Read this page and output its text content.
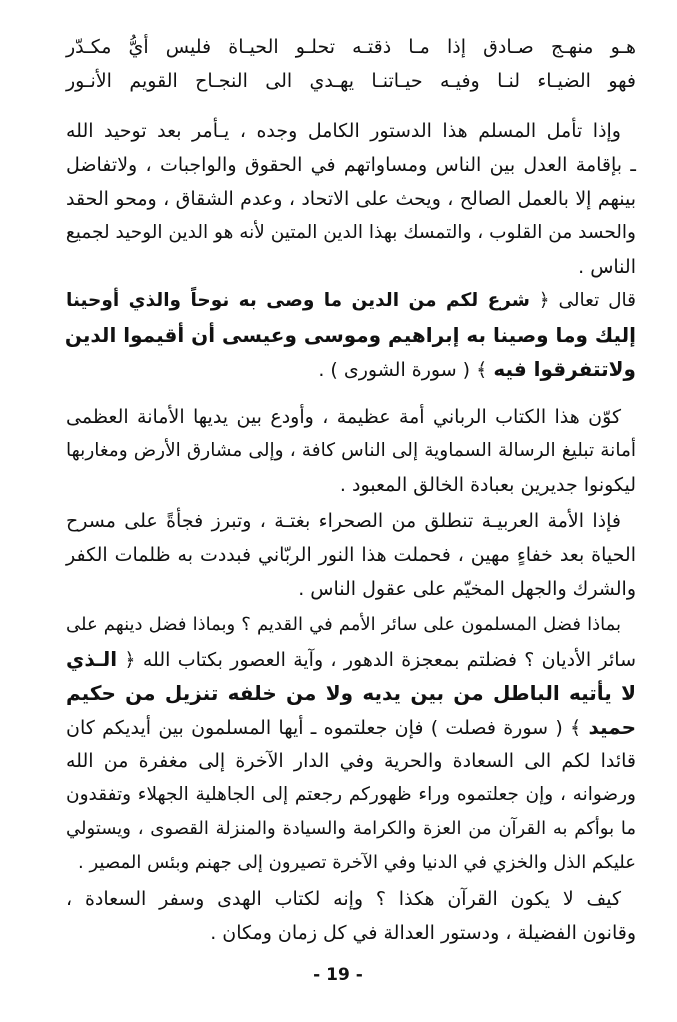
هـو منهـج صـادق إذا مـا ذقتـه تحلـو الحيـاة فليس أيُّ مكـدّر
فهو الضيـاء لنـا وفيـه حيـاتنـا يهـدي الى النجـاح القويم الأنـور
وإذا تأمل المسلم هذا الدستور الكامل وجده ، يـأمر بعد توحيد الله
ـ بإقامة العدل بين الناس ومساواتهم في الحقوق والواجبات ، ولاتفاضل
بينهم إلا بالعمل الصالح ، ويحث على الاتحاد ، وعدم الشقاق ، ومحو الحقد
والحسد من القلوب ، والتمسك بهذا الدين المتين لأنه هو الدين الوحيد لجميع
الناس .
قال تعالى ﴿ شرع لكم من الدين ما وصى به نوحاً والذي أوحينا
إليك وما وصينا به إبراهيم وموسى وعيسى أن أقيموا الدين
ولاتتفرقوا فيه ﴾ ( سورة الشورى ) .
كوّن هذا الكتاب الرباني أمة عظيمة ، وأودع بين يديها الأمانة العظمى
أمانة تبليغ الرسالة السماوية إلى الناس كافة ، وإلى مشارق الأرض ومغاربها
ليكونوا جديرين بعبادة الخالق المعبود .
فإذا الأمة العربيـة تنطلق من الصحراء بغتـة ، وتبرز فجأةً على مسرح
الحياة بعد خفاءٍ مهين ، فحملت هذا النور الربّاني فبددت به ظلمات الكفر
والشرك والجهل المخيّم على عقول الناس .
بماذا فضل المسلمون على سائر الأمم في القديم ؟ وبماذا فضل دينهم على
سائر الأديان ؟ فضلتم بمعجزة الدهور ، وآية العصور بكتاب الله ﴿ الـذي
لا يأتيه الباطل من بين يديه ولا من خلفه تنزيل من حكيم
حميد ﴾ ( سورة فصلت ) فإن جعلتموه ـ أيها المسلمون بين أيديكم كان
قائدا لكم الى السعادة والحرية وفي الدار الآخرة إلى مغفرة من الله
ورضوانه ، وإن جعلتموه وراء ظهوركم رجعتم إلى الجاهلية الجهلاء وتفقدون
ما بوأكم به القرآن من العزة والكرامة والسيادة والمنزلة القصوى ، ويستولي
عليكم الذل والخزي في الدنيا وفي الآخرة تصيرون إلى جهنم وبئس المصير .
كيف لا يكون القرآن هكذا ؟ وإنه لكتاب الهدى وسفر السعادة ،
وقانون الفضيلة ، ودستور العدالة في كل زمان ومكان .
- 19 -
